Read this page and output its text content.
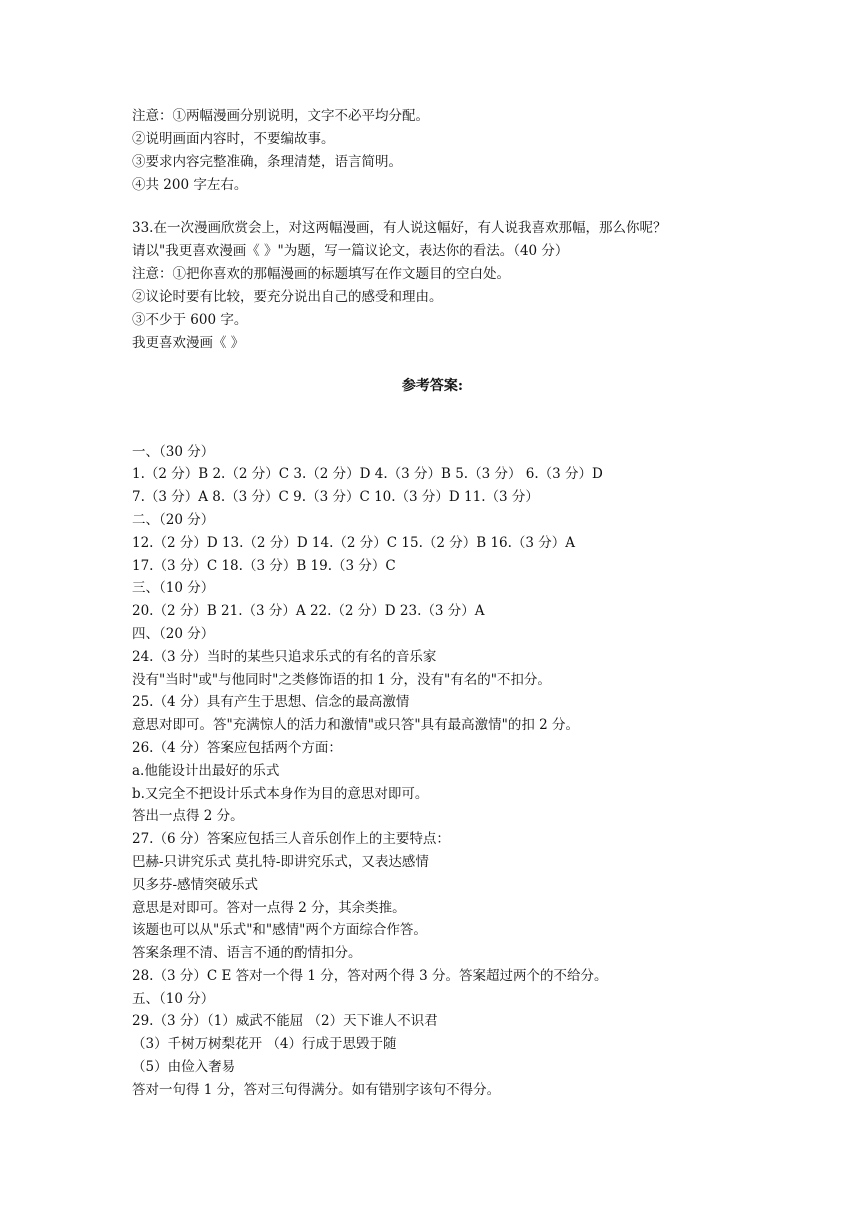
注意：①两幅漫画分别说明，文字不必平均分配。
②说明画面内容时，不要编故事。
③要求内容完整准确，条理清楚，语言简明。
④共 200 字左右。
33.在一次漫画欣赏会上，对这两幅漫画，有人说这幅好，有人说我喜欢那幅，那么你呢？
请以"我更喜欢漫画《 》"为题，写一篇议论文，表达你的看法。（40 分）
注意：①把你喜欢的那幅漫画的标题填写在作文题目的空白处。
②议论时要有比较，要充分说出自己的感受和理由。
③不少于 600 字。
我更喜欢漫画《 》
参考答案:
一、（30 分）
1.（2 分）B 2.（2 分）C 3.（2 分）D 4.（3 分）B 5.（3 分） 6.（3 分）D
7.（3 分）A 8.（3 分）C 9.（3 分）C 10.（3 分）D 11.（3 分）
二、（20 分）
12.（2 分）D 13.（2 分）D 14.（2 分）C 15.（2 分）B 16.（3 分）A
17.（3 分）C 18.（3 分）B 19.（3 分）C
三、（10 分）
20.（2 分）B 21.（3 分）A 22.（2 分）D 23.（3 分）A
四、（20 分）
24.（3 分）当时的某些只追求乐式的有名的音乐家
没有"当时"或"与他同时"之类修饰语的扣 1 分，没有"有名的"不扣分。
25.（4 分）具有产生于思想、信念的最高激情
意思对即可。答"充满惊人的活力和激情"或只答"具有最高激情"的扣 2 分。
26.（4 分）答案应包括两个方面：
a.他能设计出最好的乐式
b.又完全不把设计乐式本身作为目的意思对即可。
答出一点得 2 分。
27.（6 分）答案应包括三人音乐创作上的主要特点：
巴赫-只讲究乐式 莫扎特-即讲究乐式，又表达感情
贝多芬-感情突破乐式
意思是对即可。答对一点得 2 分，其余类推。
该题也可以从"乐式"和"感情"两个方面综合作答。
答案条理不清、语言不通的酌情扣分。
28.（3 分）C E 答对一个得 1 分，答对两个得 3 分。答案超过两个的不给分。
五、（10 分）
29.（3 分）（1）威武不能屈 （2）天下谁人不识君
（3）千树万树梨花开 （4）行成于思毁于随
（5）由俭入奢易
答对一句得 1 分，答对三句得满分。如有错别字该句不得分。
